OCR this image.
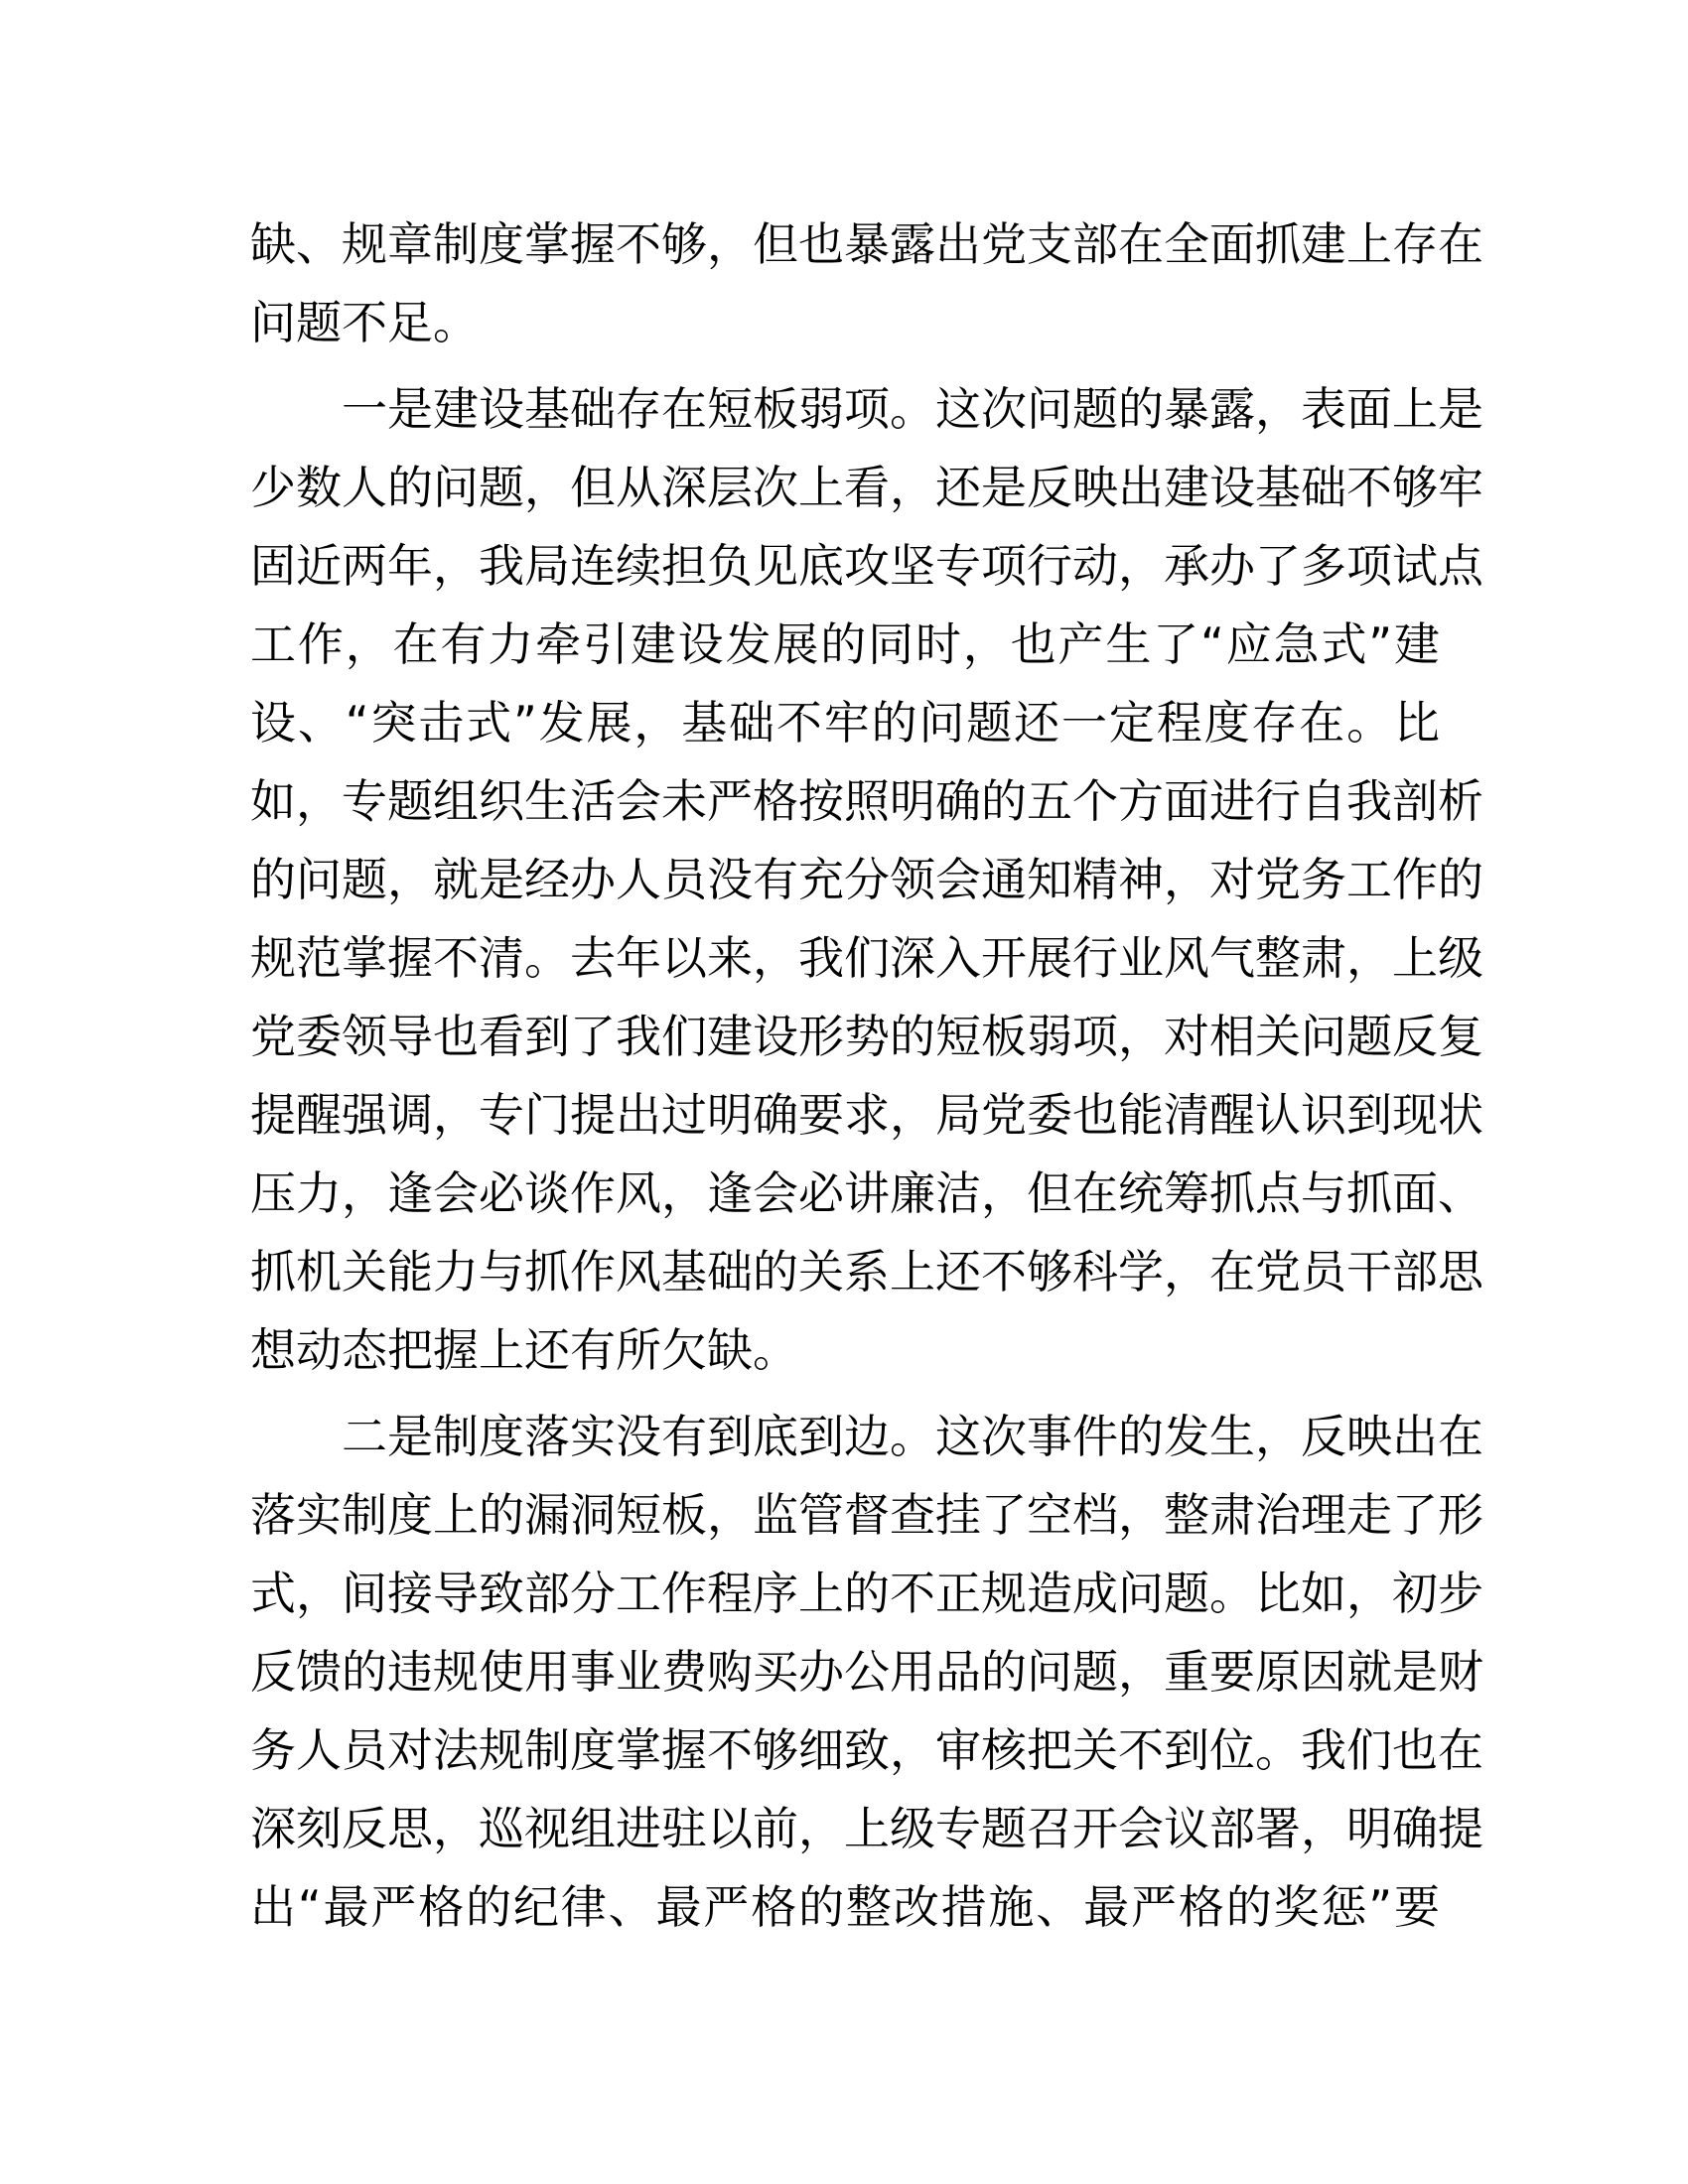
缺、规章制度掌握不够，但也暴露出党支部在全面抓建上存在
问题不足。
一是建设基础存在短板弱项。这次问题的暴露，表面上是
少数人的问题，但从深层次上看，还是反映出建设基础不够牢
固近两年，我局连续担负见底攻坚专项行动，承办了多项试点
工作，在有力牵引建设发展的同时，也产生了“应急式”建
设、“突击式”发展，基础不牢的问题还一定程度存在。比
如，专题组织生活会未严格按照明确的五个方面进行自我剖析
的问题，就是经办人员没有充分领会通知精神，对党务工作的
规范掌握不清。去年以来，我们深入开展行业风气整肃，上级
党委领导也看到了我们建设形势的短板弱项，对相关问题反复
提醒强调，专门提出过明确要求，局党委也能清醒认识到现状
压力，逢会必谈作风，逢会必讲廉洁，但在统筹抓点与抓面、
抓机关能力与抓作风基础的关系上还不够科学，在党员干部思
想动态把握上还有所欠缺。
二是制度落实没有到底到边。这次事件的发生，反映出在
落实制度上的漏洞短板，监管督查挂了空档，整肃治理走了形
式，间接导致部分工作程序上的不正规造成问题。比如，初步
反馈的违规使用事业费购买办公用品的问题，重要原因就是财
务人员对法规制度掌握不够细致，审核把关不到位。我们也在
深刻反思，巡视组进驻以前，上级专题召开会议部署，明确提
出“最严格的纪律、最严格的整改措施、最严格的奖惩”要
